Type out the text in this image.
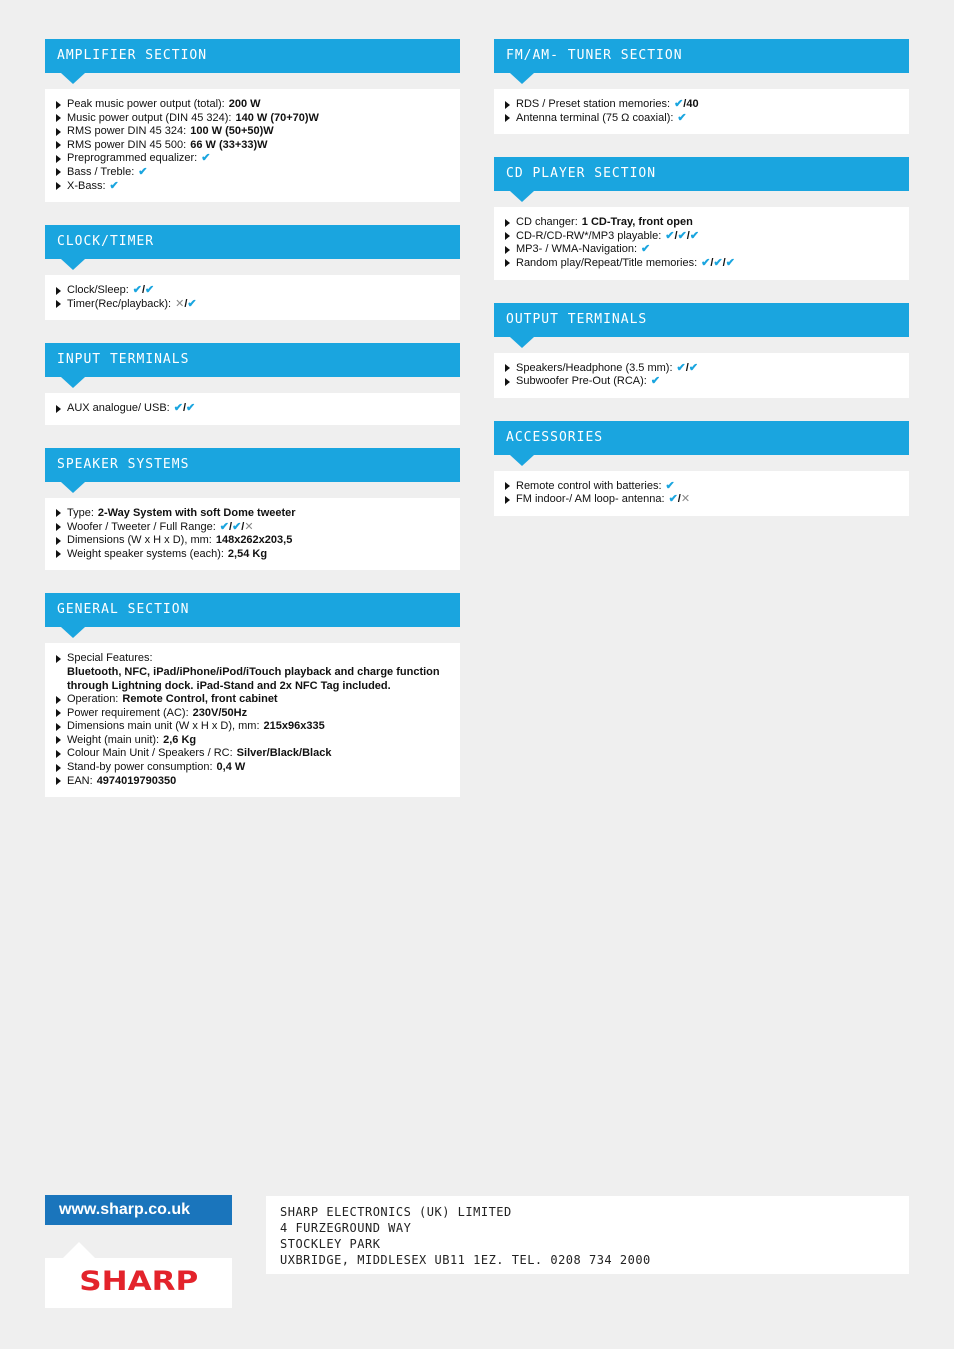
AMPLIFIER SECTION
Peak music power output (total): 200 W
Music power output (DIN 45 324): 140 W (70+70)W
RMS power DIN 45 324: 100 W (50+50)W
RMS power DIN 45 500: 66 W (33+33)W
Preprogrammed equalizer: ✔
Bass / Treble: ✔
X-Bass: ✔
CLOCK/TIMER
Clock/Sleep: ✔/✔
Timer(Rec/playback): ✕/✔
INPUT TERMINALS
AUX analogue/ USB: ✔/✔
SPEAKER SYSTEMS
Type: 2-Way System with soft Dome tweeter
Woofer / Tweeter / Full Range: ✔/✔/✕
Dimensions (W x H x D), mm: 148x262x203,5
Weight speaker systems (each): 2,54 Kg
GENERAL SECTION
Special Features:
Bluetooth, NFC, iPad/iPhone/iPod/iTouch playback and charge function through Lightning dock. iPad-Stand and 2x NFC Tag included.
Operation: Remote Control, front cabinet
Power requirement (AC): 230V/50Hz
Dimensions main unit (W x H x D), mm: 215x96x335
Weight (main unit): 2,6 Kg
Colour Main Unit / Speakers / RC: Silver/Black/Black
Stand-by power consumption: 0,4 W
EAN: 4974019790350
FM/AM- TUNER SECTION
RDS / Preset station memories: ✔/40
Antenna terminal (75 Ω coaxial): ✔
CD PLAYER SECTION
CD changer: 1 CD-Tray, front open
CD-R/CD-RW*/MP3 playable: ✔/✔/✔
MP3- / WMA-Navigation: ✔
Random play/Repeat/Title memories: ✔/✔/✔
OUTPUT TERMINALS
Speakers/Headphone (3.5 mm): ✔/✔
Subwoofer Pre-Out (RCA): ✔
ACCESSORIES
Remote control with batteries: ✔
FM indoor-/ AM loop- antenna: ✔/✕
www.sharp.co.uk
SHARP
SHARP ELECTRONICS (UK) LIMITED
4 FURZEGROUND WAY
STOCKLEY PARK
UXBRIDGE, MIDDLESEX UB11 1EZ. TEL. 0208 734 2000
